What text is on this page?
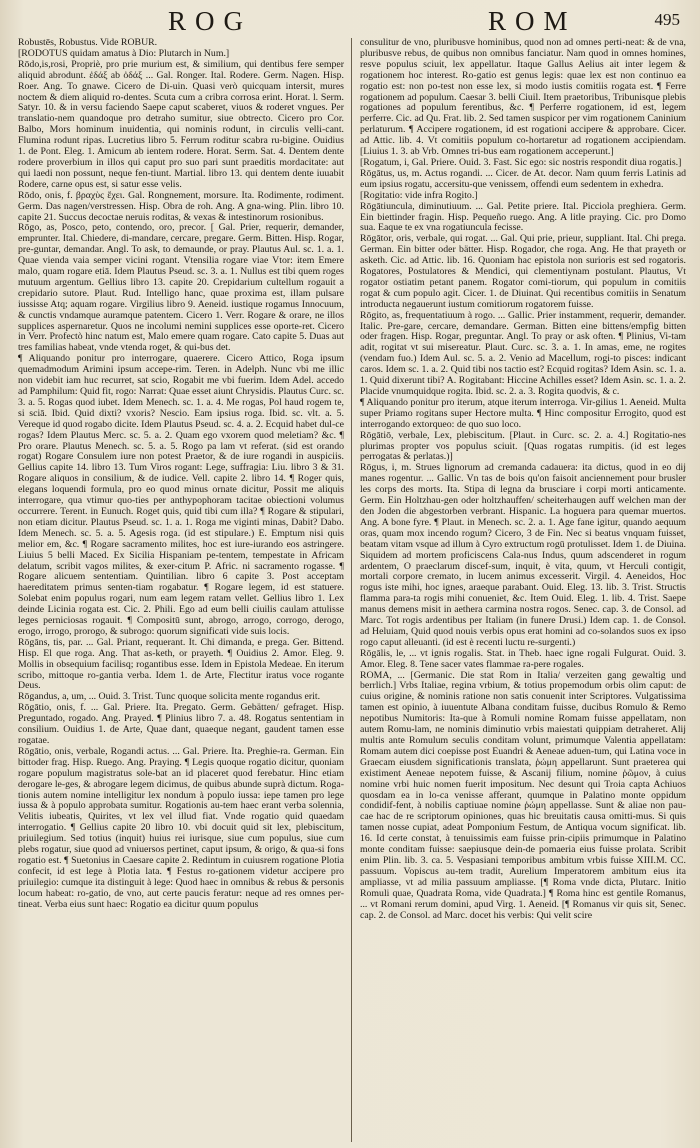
ROG	ROM	495

Robustēs, Robustus. Vide ROBUR.

[RODOTUS quidam amatus à Dio: Plutarch in Num.]

Rōdo,is,rosi, Propriè, pro prie murium est, & similium, qui dentibus fere semper aliquid abrodunt. ἐδάξ ab ὀδάξ ... Gal. Ronger. Ital. Rodere. Germ. Nagen. Hisp. Roer. Ang. To gnawe. Cicero de Di-uin. Quasi verò quicquam intersit, mures noctem & diem aliquid ro-dentes. Scuta cum a cribra corrosa erint. Horat. l. Serm. Satyr. 10. & in versu faciendo Saepe caput scaberet, viuos & roderet vngues. Per translatio-nem quandoque pro detraho sumitur, siue obtrecto. Cicero pro Cor. Balbo, Mors hominum inuidentia, qui nominis rodunt, in circulis velli-cant. Flumina rodunt ripas. Lucretius libro 5. Ferrum roditur scabra ru-bigine. Ouidius 1. de Pont. Eleg. 1. Amicum ab ientem rodere. Horat. Serm. Sat. 4. Dentem dente rodere proverbium in illos qui caput pro suo pari sunt praeditis mordacitate: aut qui laedi non possunt, neque fen-tiunt. Martial. libro 13. qui dentem dente iuuabit Rodere, carne opus est, si satur esse velis.

Rōdo, onis, f. βραχὺς ἔχει. Gal. Rongnement, morsure. Ita. Rodimente, rodiment. Germ. Das nagen/verstressen. Hisp. Obra de roh. Ang. A gna-wing. Plin. libro 10. capite 21. Succus decoctae neruis roditas, & vexas & intestinorum rosionibus.

Rōgo, as, Posco, peto, contendo, oro, precor. [ Gal. Prier, requerir, demander, emprunter. Ital. Chiedere, di-mandare, cercare, pregare. Germ. Bitten. Hisp. Rogar, pre-guntar, demandar. Angl. To ask, to demaunde, or pray. Plautus Aul. sc. 1. a. 1. Quae vienda vaia semper vicini rogant. Vtensilia rogare viae Vtor: item Emere malo, quam rogare etiā. Idem Plautus Pseud. sc. 3. a. 1. Nullus est tibi quem roges mutuum argentum. Gellius libro 13. capite 20. Crepidarium cultellum rogauit a crepidario sutore. Plaut. Rud. Intelligo hanc, quae proxima est, illam pulsare iussisse Atq; aquam rogare. Virgilius libro 9. Aeneid. iustique rogamus Innocuum, & cunctis vndamque auramque patentem. Cicero 1. Verr. Rogare & orare, ne illos supplices aspernaretur. Quos ne incolumi nemini supplices esse oporte-ret. Cicero in Verr. Profectò hinc natum est, Malo emere quam rogare. Cato capite 5. Duas aut tres familias habeat, vnde vtenda roget, & qui-bus det.

¶ Aliquando ponitur pro interrogare, quaerere. Cicero Attico, Roga ipsum quemadmodum Arimini ipsum accepe-rim. Teren. in Adelph. Nunc vbi me illic non videbit iam huc recurret, sat scio, Rogabit me vbi fuerim. Idem Adel. accedo ad Pamphilum: Quid fit, rogo: Narrat: Quae esset aiunt Chrysidis. Plautus Curc. sc. 3. a. 5. Rogas quod iubet. Idem Menech. sc. 1. a. 4. Me rogas, Pol haud rogem te, si sciā. Ibid. Quid dixti? vxoris? Nescio. Eam ipsius roga. Ibid. sc. vlt. a. 5. Vereque id quod rogabo dicite. Idem Plautus Pseud. sc. 4. a. 2. Ecquid habet dul-ce rogas? Idem Plautus Merc. sc. 5. a. 2. Quam ego vxorem quod meletiam? &c. ¶ Pro orare. Plautus Menech. sc. 5. a. 5. Rogo pa lam vt referat. (sid est orando rogat) Rogare Consulem iure non potest Praetor, & de iure rogandi in auspiciis. Gellius capite 14. libro 13. Tum Viros rogant: Lege, suffragia: Liu. libro 3 & 31. Rogare aliquos in consilium, & de iudice. Vell. capite 2. libro 14. ¶ Roger quis, elegans loquendi formula, pro eo quod minus ornate dicitur, Possit me aliquis interrogare, qua vtimur quo-ties per anthypophoram tacitae obiectioni volumus occurrere. Terent. in Eunuch. Roget quis, quid tibi cum illa? ¶ Rogare & stipulari, non etiam dicitur. Plautus Pseud. sc. 1. a. 1. Roga me viginti minas, Dabit? Dabo. Idem Menech. sc. 5. a. 5. Agesis roga. (id est stipulare.) E. Emptum nisi quis melior em, &c. ¶ Rogare sacramento milites, hoc est iure-iurando eos astringere. Liuius 5 belli Maced. Ex Sicilia Hispaniam pe-tentem, tempestate in Africam delatum, scribit vagos milites, & exer-citum P. Afric. ni sacramento rogasse. ¶ Rogare alicuem sententiam. Quintilian. libro 6 capite 3. Post acceptam haereditatem primus senten-tiam rogabatur. ¶ Rogare legem, id est statuere. Solebat enim populus rogari, num eam legem ratam vellet. Gellius libro 1. Lex deinde Licinia rogata est. Cic. 2. Phili. Ego ad eum belli ciuilis caulam attulisse leges perniciosas rogauit. ¶ Compositū sunt, abrogo, arrogo, corrogo, derogo, erogo, irrogo, prorogo, & subrogo: quorum significati vide suis locis.

Rōgāns, tis, par. ... Gal. Priant, requerant. It. Chi dimanda, e prega. Ger. Bittend. Hisp. El que roga. Ang. That as-keth, or prayeth. ¶ Ouidius 2. Amor. Eleg. 9. Mollis in obsequium facilisq; rogantibus esse. Idem in Epistola Medeae. En iterum scribo, mittoque ro-gantia verba. Idem 1. de Arte, Flectitur iratus voce rogante Deus.

Rōgandus, a, um, ... Ouid. 3. Trist. Tunc quoque solicita mente rogandus erit.

Rōgātio, onis, f. ... Gal. Priere. Ita. Pregato. Germ. Gebätten/ gefraget. Hisp. Preguntado, rogado. Ang. Prayed. ¶ Plinius libro 7. a. 48. Rogatus sententiam in consilium. Ouidius 1. de Arte, Quae dant, quaeque negant, gaudent tamen esse rogatae.

Rōgātio, onis, verbale, Rogandi actus. ... Gal. Priere. Ita. Preghie-ra. German. Ein bittoder frag. Hisp. Ruego. Ang. Praying. ¶ Legis quoque rogatio dicitur, quoniam rogare populum magistratus sole-bat an id placeret quod ferebatur. Hinc etiam derogare le-ges, & abrogare legem dicimus, de quibus abunde suprà dictum. Roga-tionis autem nomine intelligitur lex nondum à populo iussa: iepe tamen pro lege iussa & à populo approbata sumitur. Rogationis au-tem haec erant verba solennia, Velitis iubeatis, Quirites, vt lex vel illud fiat. Vnde rogatio quid quaedam interrogatio. ¶ Gellius capite 20 libro 10. vbi docuit quid sit lex, plebiscitum, priuilegium. Sed totius (inquit) huius rei iurisque, siue cum populus, siue cum plebs rogatur, siue quod ad vniuersos pertinet, caput ipsum, & origo, & qua-si fons rogatio est. ¶ Suetonius in Caesare capite 2. Redintum in cuiusrem rogatione Plotia confecit, id est lege à Plotia lata. ¶ Festus ro-gationem videtur accipere pro priuilegio: cumque ita distinguit à lege: Quod haec in omnibus & rebus & personis locum habeat: ro-gatio, de vno, aut certe paucis feratur: neque ad res omnes per-tineat. Verba eius sunt haec: Rogatio ea dicitur quum populus

consulitur de vno, pluribusve hominibus, quod non ad omnes perti-neat: & de vna, pluribusve rebus, de quibus non omnibus fanciatur. Nam quod in omnes homines, resve populus sciuit, lex appellatur. Itaque Gallus Aelius ait inter legem & rogationem hoc interest. Ro-gatio est genus legis: quae lex est non continuo ea rogatio est: non po-test non esse lex, si modo iustis comitiis rogata est. ¶ Ferre rogationem ad populum. Caesar 3. belli Ciuil. Item praetoribus, Tribunisque plebis rogationes ad populum ferentibus, &c. ¶ Perferre rogationem, id est, legem perferre. Cic. ad Qu. Frat. lib. 2. Sed tamen suspicor per vim rogationem Caninium perlaturum. ¶ Accipere rogationem, id est rogationi accipere & approbare. Cicer. ad Attic. lib. 4. Vt comitiis populum co-hortaretur ad rogationem accipiendam. [Liuius 1. 3. ab Vrb. Omnes tri-bus eam rogationem acceperunt.]

[Rogatum, i, Gal. Priere. Ouid. 3. Fast. Sic ego: sic nostris respondit diua rogatis.]

Rōgātus, us, m. Actus rogandi. ... Cicer. de At. decor. Nam quum ferris Latinis ad eum ipsius rogatu, accersitu-que venissem, offendi eum sedentem in exhedra.

[Rogitatio: vide infra Rogito.]

Rōgātiuncula, diminutiuum. ... Gal. Petite priere. Ital. Picciola preghiera. Germ. Ein biettinder fragin. Hisp. Pequeño ruego. Ang. A litle praying. Cic. pro Domo sua. Eaque te ex vna rogatiuncula fecisse.

Rōgātor, oris, verbale, qui rogat. ... Gal. Qui prie, prieur, suppliant. Ital. Chi prega. German. Ein bitter oder bätter. Hisp. Rogador, che roga. Ang. He that prayeth or asketh. Cic. ad Attic. lib. 16. Quoniam hac epistola non surioris est sed rogatoris. Rogatores, Postulatores & Mendici, qui clementiynam postulant. Plautus, Vt rogator ostiatim petant panem. Rogator comi-tiorum, qui populum in comitiis rogat & cum populo agit. Cicer. 1. de Diuinat. Qui recentibus comitiis in Senatum introducta negauerunt iustum comitiorum rogatorem fuisse.

Rōgito, as, frequentatiuum à rogo. ... Gallic. Prier instamment, requerir, demander. Italic. Pre-gare, cercare, demandare. German. Bitten eine bittens/empfig bitten oder fragen. Hisp. Rogar, preguntar. Angl. To pray or ask often. ¶ Plinius, Vi-tam adit, rogitat vt sui misereatur. Plaut. Curc. sc. 3. a. 1. In amas, eme, ne rogites (vendam fuo.) Idem Aul. sc. 5. a. 2. Venio ad Macellum, rogi-to pisces: indicant caros. Idem sc. 1. a. 2. Quid tibi nos tactio est? Ecquid rogitas? Idem Asin. sc. 1. a. 1. Quid dixerunt tibi? A. Rogitabant: Hiccine Achilles esset? Idem Asin. sc. 1. a. 2. Placide vnumquidque rogita. Ibid. sc. 2. a. 3. Rogita quodvis, & c.

¶ Aliquando ponitur pro iterum, atque iterum interroga. Vir-gilius 1. Aeneid. Multa super Priamo rogitans super Hectore multa. ¶ Hinc compositur Errogito, quod est interrogando extorqueo: de quo suo loco.

Rōgātiō, verbale, Lex, plebiscitum. [Plaut. in Curc. sc. 2. a. 4.] Rogitatio-nes plurimas propter vos populus sciuit. [Quas rogatas rumpitis. (id est leges perrogatas & perlatas.)]

Rōgus, i, m. Strues lignorum ad cremanda cadauera: ita dictus, quod in eo dij manes rogentur. ... Gallic. Vn tas de bois qu'on faisoit anciennement pour brusler les corps des morts. Ita. Stipa di legna da brusciare i corpi morti anticamente. Germ. Ein Holtzhau-gen oder holtzhauffen/ scheiterhaugen auff welchen man der den Joden die abgestorben verbrant. Hispanic. La hoguera para quemar muertos. Ang. A bone fyre. ¶ Plaut. in Menech. sc. 2. a. 1. Age fane igitur, quando aequum oras, quam mox incendo rogum? Cicero, 3 de Fin. Nec si beatus vnquam fuisset, beatam vitam vsque ad illum à Cyro extructum rogū protulisset. Idem 1. de Diuina. Siquidem ad mortem proficiscens Cala-nus Indus, quum adscenderet in rogum ardentem, O praeclarum discef-sum, inquit, è vita, quum, vt Herculi contigit, mortali corpore cremato, in lucem animus excesserit. Virgil. 4. Aeneidos, Hoc rogus iste mihi, hoc ignes, araeque parabant. Ouid. Eleg. 13. lib. 3. Trist. Structis flamma para-ta rogis mihi conueniet, &c. Item Ouid. Eleg. 1. lib. 4. Trist. Saepe manus demens misit in aethera carmina nostra rogos. Senec. cap. 3. de Consol. ad Marc. Tot rogis ardentibus per Italiam (in funere Drusi.) Idem cap. 1. de Consol. ad Heluiam, Quid quod nouis verbis opus erat homini ad co-solandos suos ex ipso rogo caput alleuanti. (id est è recenti luctu re-surgenti.)

Rōgālis, le, ... vt ignis rogalis. Stat. in Theb. haec igne rogali Fulgurat. Ouid. 3. Amor. Eleg. 8. Tene sacer vates flammae ra-pere rogales.

ROMA, ... [Germanic. Die stat Rom in Italia/ verzeiten gang gewaltig und berrlich.] Vrbs Italiae, regina vrbium, & totius propemodum orbis olim caput: de cuius origine, & nominis ratione non satis conuenit inter Scriptores. Vulgatissima tamen est opinio, à iuuentute Albana conditam fuisse, ducibus Romulo & Remo nepotibus Numitoris: Ita-que à Romuli nomine Romam fuisse appellatam, non autem Romu-lam, ne nominis diminutio vrbis maiestati quippiam detraheret. Alij multis ante Romulum seculis conditam volunt, primumque Valentia appellatam: Romam autem dici coepisse post Euandri & Aeneae aduen-tum, qui Latina voce in Graecam eiusdem significationis translata, ῥώμη appellarunt. Sunt praeterea qui existiment Aeneae nepotem fuisse, & Ascanij filium, nomine ῥῶμον, à cuius nomine vrbi huic nomen fuerit impositum. Nec desunt qui Troia capta Achiuos quosdam ea in lo-ca venisse afferant, quumque in Palatino monte oppidum condidif-fent, à nobilis captiuae nomine ῥώμη appellasse. Sunt & aliae non pau-cae hac de re scriptorum opiniones, quas hic breuitatis causa omitti-mus. Si quis tamen nosse cupiat, adeat Pomponium Festum, de Antiqua vocum significat. lib. 16. Id certe constat, à tenuissimis eam fuisse prin-cipiis primumque in Palatino monte conditam fuisse: saepiusque dein-de pomaeria eius fuisse prolata. Scribit enim Plin. lib. 3. ca. 5. Vespasiani temporibus ambitum vrbis fuisse XIII.M. CC. passuum. Vopiscus au-tem tradit, Aurelium Imperatorem ambitum eius ita ampliasse, vt ad milia passuum ampliasse. [¶ Roma vnde dicta, Plutarc. Initio Romuli quae, Quadrata Roma, vide Quadrata.] ¶ Roma hinc est gentile Romanus, ... vt Romani rerum domini, apud Virg. 1. Aeneid. [¶ Romanus vir quis sit, Senec. cap. 2. de Consol. ad Marc. docet his verbis: Qui velit scire
